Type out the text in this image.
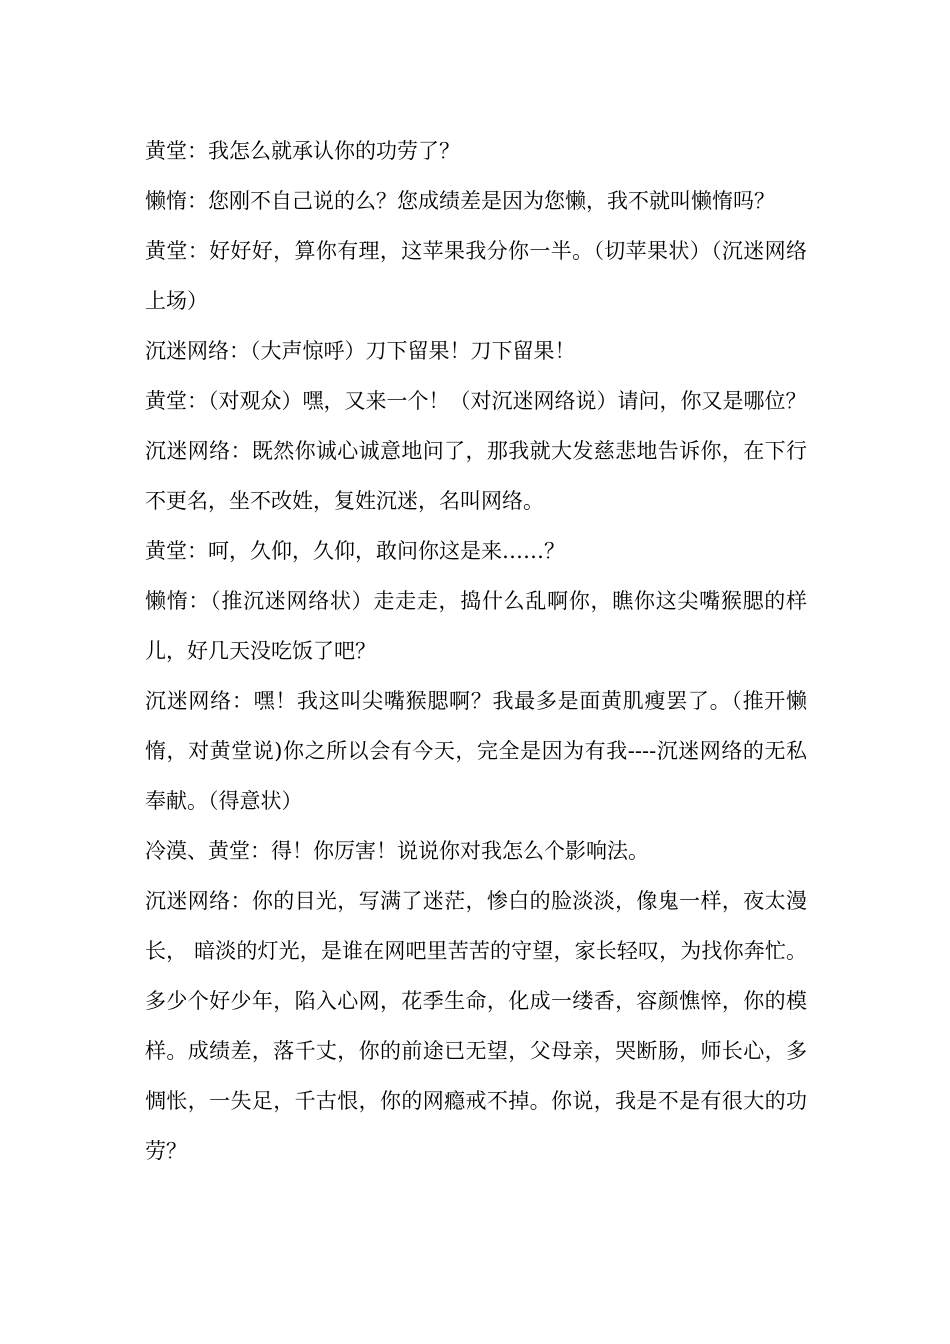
黄堂：我怎么就承认你的功劳了？

懒惰：您刚不自己说的么？您成绩差是因为您懒，我不就叫懒惰吗？

黄堂：好好好，算你有理，这苹果我分你一半。（切苹果状）（沉迷网络上场）

沉迷网络：（大声惊呼）刀下留果！刀下留果！

黄堂：（对观众）嘿，又来一个！（对沉迷网络说）请问，你又是哪位？

沉迷网络：既然你诚心诚意地问了，那我就大发慈悲地告诉你，在下行不更名，坐不改姓，复姓沉迷，名叫网络。

黄堂：呵，久仰，久仰，敢问你这是来……？

懒惰：（推沉迷网络状）走走走，捣什么乱啊你，瞧你这尖嘴猴腮的样儿，好几天没吃饭了吧？

沉迷网络：嘿！我这叫尖嘴猴腮啊？我最多是面黄肌瘦罢了。（推开懒惰，对黄堂说)你之所以会有今天，完全是因为有我----沉迷网络的无私奉献。（得意状）

冷漠、黄堂：得！你厉害！说说你对我怎么个影响法。

沉迷网络：你的目光，写满了迷茫，惨白的脸淡淡，像鬼一样，夜太漫长， 暗淡的灯光，是谁在网吧里苦苦的守望，家长轻叹，为找你奔忙。多少个好少年，陷入心网，花季生命，化成一缕香，容颜憔悴，你的模样。成绩差，落千丈，你的前途已无望，父母亲，哭断肠，师长心，多惆怅，一失足，千古恨，你的网瘾戒不掉。你说，我是不是有很大的功劳？
